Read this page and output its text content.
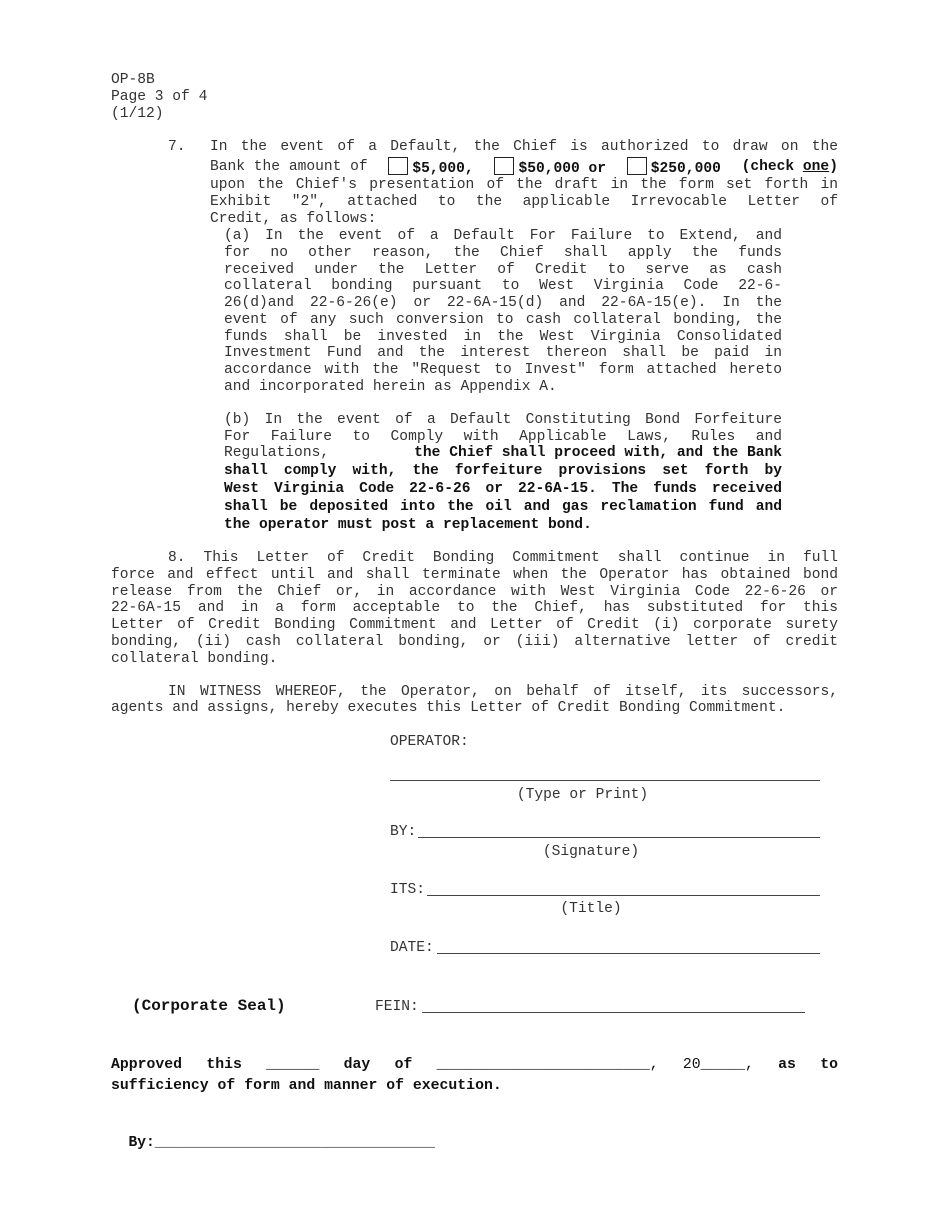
OP-8B
Page 3 of 4
(1/12)
7. In the event of a Default, the Chief is authorized to draw on the
Bank the amount of	$5,000,	$50,000 or	$250,000 (check one)
upon the Chief's presentation of the draft in the form set forth in
Exhibit "2", attached to the applicable Irrevocable Letter of
Credit, as follows:
(a) In the event of a Default For Failure to Extend, and
for no other reason, the Chief shall apply the funds
received under the Letter of Credit to serve as cash
collateral bonding pursuant to West Virginia Code 22-6-
26(d)and 22-6-26(e) or 22-6A-15(d) and 22-6A-15(e). In the
event of any such conversion to cash collateral bonding, the
funds shall be invested in the West Virginia Consolidated
Investment Fund and the interest thereon shall be paid in
accordance with the "Request to Invest" form attached hereto
and incorporated herein as Appendix A.
(b) In the event of a Default Constituting Bond Forfeiture
For Failure to Comply with Applicable Laws, Rules and
Regulations,	the Chief shall proceed with, and the Bank
shall comply with, the forfeiture provisions set forth by
West Virginia Code 22-6-26 or 22-6A-15. The funds received
shall be deposited into the oil and gas reclamation fund and
the operator must post a replacement bond.
8. This Letter of Credit Bonding Commitment shall continue in full
force and effect until and shall terminate when the Operator has obtained bond
release from the Chief or, in accordance with West Virginia Code 22-6-26 or
22-6A-15 and in a form acceptable to the Chief, has substituted for this
Letter of Credit Bonding Commitment and Letter of Credit (i) corporate surety
bonding, (ii) cash collateral bonding, or (iii) alternative letter of credit
collateral bonding.
IN WITNESS WHEREOF, the Operator, on behalf of itself, its successors,
agents and assigns, hereby executes this Letter of Credit Bonding Commitment.
OPERATOR:
(Type or Print)
BY:
(Signature)
ITS:
(Title)
DATE:
(Corporate Seal)	FEIN:
Approved this ______ day of ________________________, 20_____, as to
sufficiency of form and manner of execution.

By:________________________________
